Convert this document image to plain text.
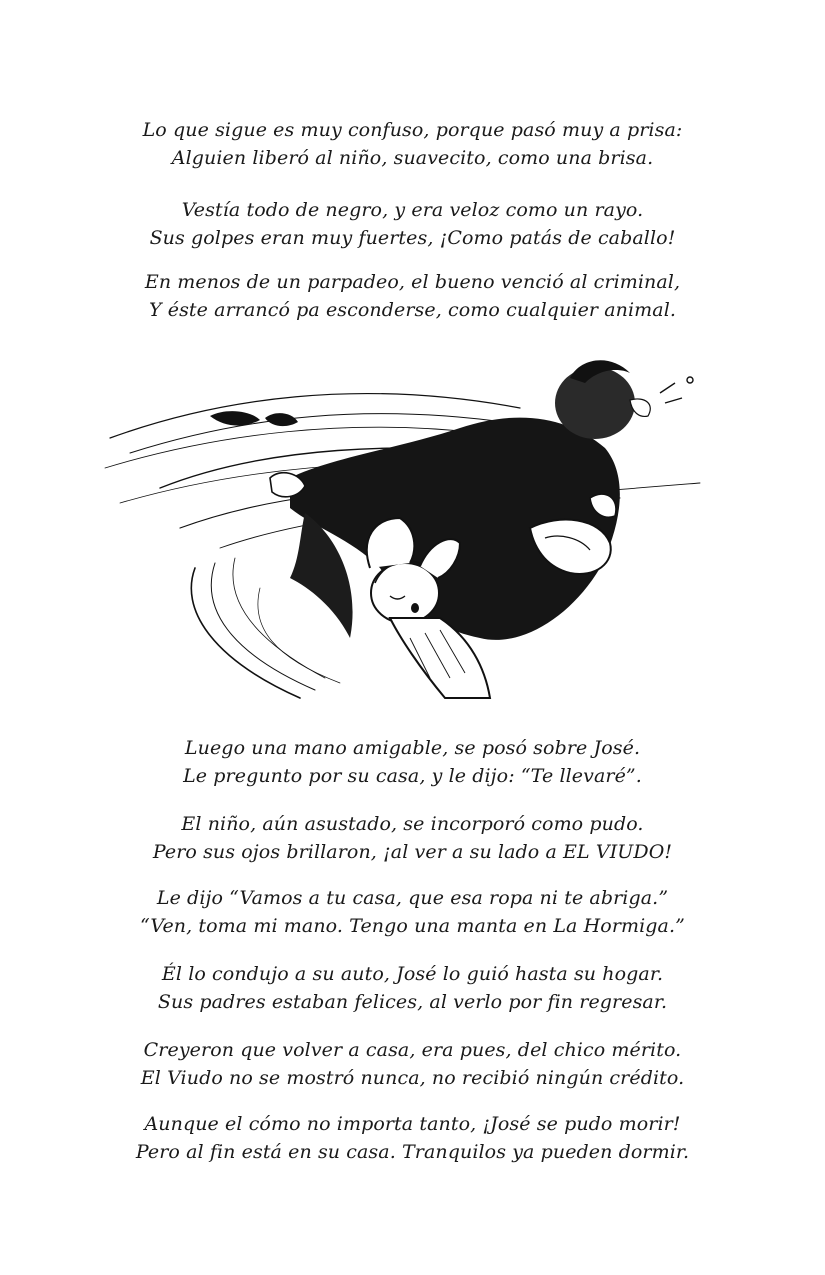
Lo que sigue es muy confuso, porque pasó muy a prisa:
Alguien liberó al niño, suavecito, como una brisa.
Vestía todo de negro, y era veloz como un rayo.
Sus golpes eran muy fuertes, ¡Como patás de caballo!
En menos de un parpadeo, el bueno venció al criminal,
Y éste arrancó pa esconderse, como cualquier animal.
Luego una mano amigable, se posó sobre José.
Le pregunto por su casa, y le dijo: “Te llevaré”.
El niño, aún asustado, se incorporó como pudo.
Pero sus ojos brillaron, ¡al ver a su lado a EL VIUDO!
Le dijo “Vamos a tu casa, que esa ropa ni te abriga.”
“Ven, toma mi mano. Tengo una manta en La Hormiga.”
Él lo condujo a su auto, José lo guió hasta su hogar.
Sus padres estaban felices, al verlo por fin regresar.
Creyeron que volver a casa, era pues, del chico mérito.
El Viudo no se mostró nunca, no recibió ningún crédito.
Aunque el cómo no importa tanto, ¡José se pudo morir!
Pero al fin está en su casa. Tranquilos ya pueden dormir.
